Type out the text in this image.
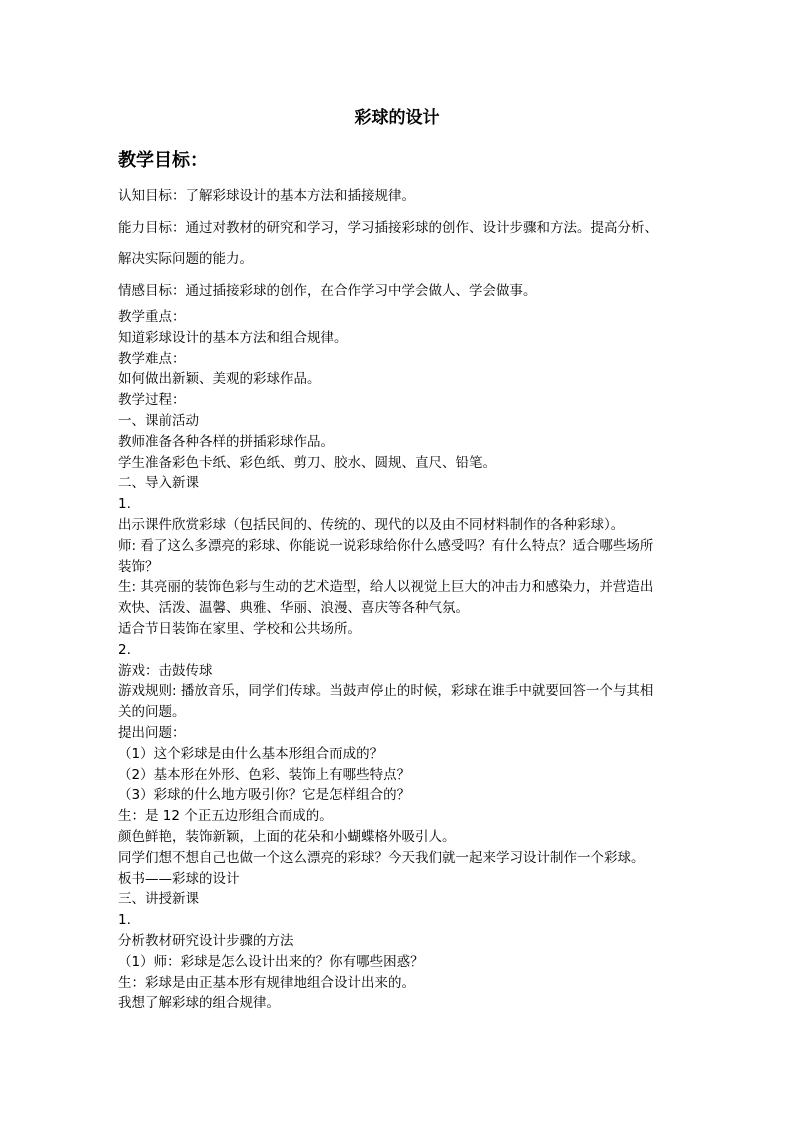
彩球的设计
教学目标：
认知目标：了解彩球设计的基本方法和插接规律。
能力目标：通过对教材的研究和学习，学习插接彩球的创作、设计步骤和方法。提高分析、
解决实际问题的能力。
情感目标：通过插接彩球的创作，在合作学习中学会做人、学会做事。
教学重点：
知道彩球设计的基本方法和组合规律。
教学难点：
如何做出新颖、美观的彩球作品。
教学过程：
一、课前活动
教师准备各种各样的拼插彩球作品。
学生准备彩色卡纸、彩色纸、剪刀、胶水、圆规、直尺、铅笔。
二、导入新课
1.
出示课件欣赏彩球（包括民间的、传统的、现代的以及由不同材料制作的各种彩球）。
师: 看了这么多漂亮的彩球、你能说一说彩球给你什么感受吗？有什么特点？适合哪些场所
装饰？
生: 其亮丽的装饰色彩与生动的艺术造型，给人以视觉上巨大的冲击力和感染力，并营造出
欢快、活泼、温馨、典雅、华丽、浪漫、喜庆等各种气氛。
适合节日装饰在家里、学校和公共场所。
2.
游戏：击鼓传球
游戏规则: 播放音乐，同学们传球。当鼓声停止的时候，彩球在谁手中就要回答一个与其相
关的问题。
提出问题：
（1）这个彩球是由什么基本形组合而成的？
（2）基本形在外形、色彩、装饰上有哪些特点？
（3）彩球的什么地方吸引你？它是怎样组合的？
生：是 12 个正五边形组合而成的。
颜色鲜艳，装饰新颖，上面的花朵和小蝴蝶格外吸引人。
同学们想不想自己也做一个这么漂亮的彩球？今天我们就一起来学习设计制作一个彩球。
板书——彩球的设计
三、讲授新课
1.
分析教材研究设计步骤的方法
（1）师：彩球是怎么设计出来的？你有哪些困惑？
生：彩球是由正基本形有规律地组合设计出来的。
我想了解彩球的组合规律。
